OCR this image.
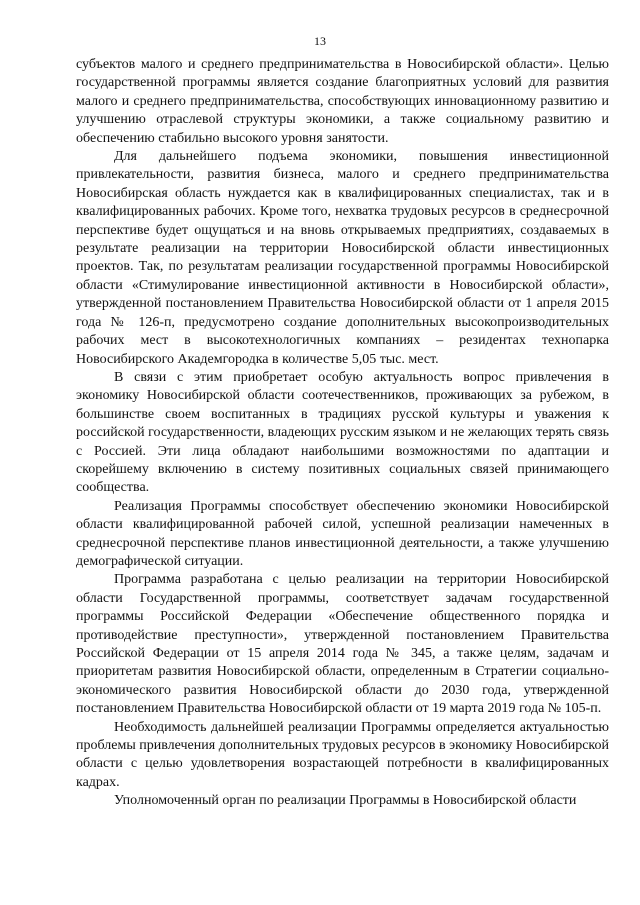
13

субъектов малого и среднего предпринимательства в Новосибирской области». Целью государственной программы является создание благоприятных условий для развития малого и среднего предпринимательства, способствующих инновационному развитию и улучшению отраслевой структуры экономики, а также социальному развитию и обеспечению стабильно высокого уровня занятости.

Для дальнейшего подъема экономики, повышения инвестиционной привлекательности, развития бизнеса, малого и среднего предпринимательства Новосибирская область нуждается как в квалифицированных специалистах, так и в квалифицированных рабочих. Кроме того, нехватка трудовых ресурсов в среднесрочной перспективе будет ощущаться и на вновь открываемых предприятиях, создаваемых в результате реализации на территории Новосибирской области инвестиционных проектов. Так, по результатам реализации государственной программы Новосибирской области «Стимулирование инвестиционной активности в Новосибирской области», утвержденной постановлением Правительства Новосибирской области от 1 апреля 2015 года № 126-п, предусмотрено создание дополнительных высокопроизводительных рабочих мест в высокотехнологичных компаниях – резидентах технопарка Новосибирского Академгородка в количестве 5,05 тыс. мест.

В связи с этим приобретает особую актуальность вопрос привлечения в экономику Новосибирской области соотечественников, проживающих за рубежом, в большинстве своем воспитанных в традициях русской культуры и уважения к российской государственности, владеющих русским языком и не желающих терять связь с Россией. Эти лица обладают наибольшими возможностями по адаптации и скорейшему включению в систему позитивных социальных связей принимающего сообщества.

Реализация Программы способствует обеспечению экономики Новосибирской области квалифицированной рабочей силой, успешной реализации намеченных в среднесрочной перспективе планов инвестиционной деятельности, а также улучшению демографической ситуации.

Программа разработана с целью реализации на территории Новосибирской области Государственной программы, соответствует задачам государственной программы Российской Федерации «Обеспечение общественного порядка и противодействие преступности», утвержденной постановлением Правительства Российской Федерации от 15 апреля 2014 года № 345, а также целям, задачам и приоритетам развития Новосибирской области, определенным в Стратегии социально-экономического развития Новосибирской области до 2030 года, утвержденной постановлением Правительства Новосибирской области от 19 марта 2019 года № 105-п.

Необходимость дальнейшей реализации Программы определяется актуальностью проблемы привлечения дополнительных трудовых ресурсов в экономику Новосибирской области с целью удовлетворения возрастающей потребности в квалифицированных кадрах.

Уполномоченный орган по реализации Программы в Новосибирской области
